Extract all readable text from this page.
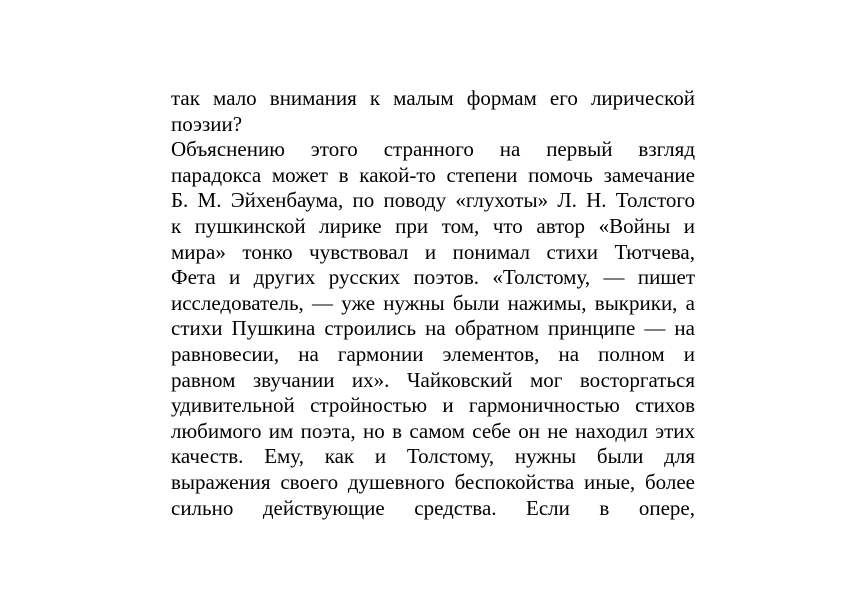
так мало внимания к малым формам его лирической
поэзии?
Объяснению этого странного на первый взгляд
парадокса может в какой-то степени помочь замечание
Б. М. Эйхенбаума, по поводу «глухоты» Л. Н. Толстого
к пушкинской лирике при том, что автор «Войны и
мира» тонко чувствовал и понимал стихи Тютчева,
Фета и других русских поэтов. «Толстому, — пишет
исследователь, — уже нужны были нажимы, выкрики, а
стихи Пушкина строились на обратном принципе — на
равновесии, на гармонии элементов, на полном и
равном звучании их». Чайковский мог восторгаться
удивительной стройностью и гармоничностью стихов
любимого им поэта, но в самом себе он не находил этих
качеств. Ему, как и Толстому, нужны были для
выражения своего душевного беспокойства иные, более
сильно действующие средства. Если в опере,
